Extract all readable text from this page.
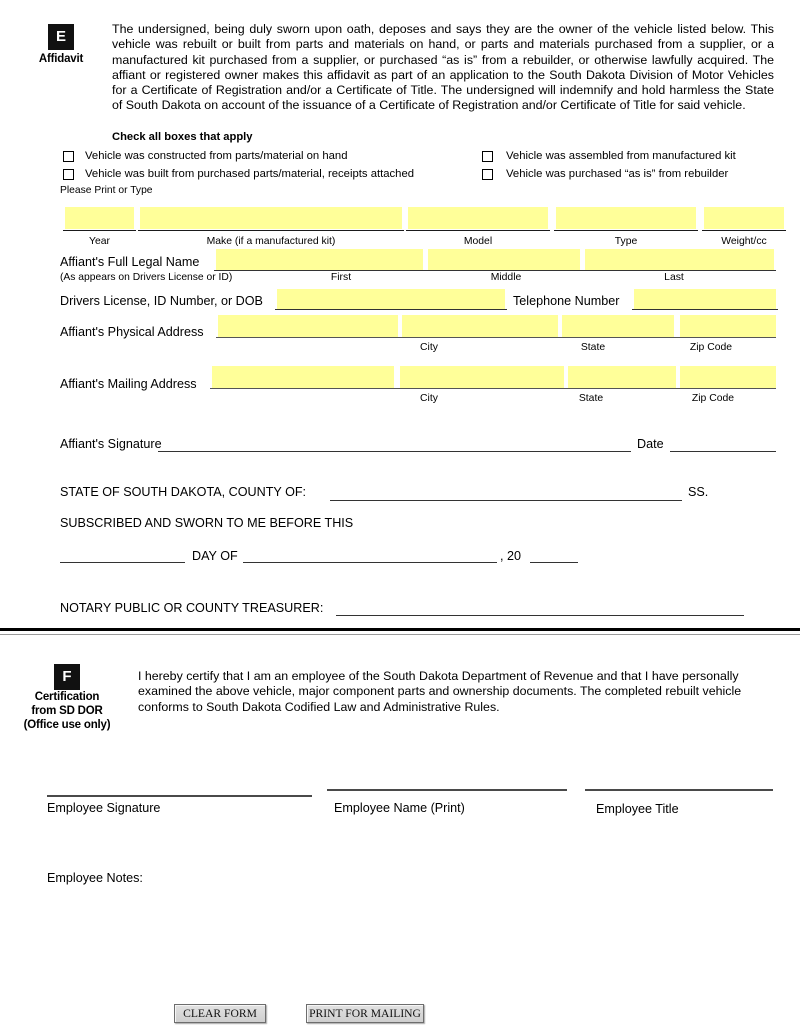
E
Affidavit
The undersigned, being duly sworn upon oath, deposes and says they are the owner of the vehicle listed below. This vehicle was rebuilt or built from parts and materials on hand, or parts and materials purchased from a supplier, or a manufactured kit purchased from a supplier, or purchased “as is” from a rebuilder, or otherwise lawfully acquired. The affiant or registered owner makes this affidavit as part of an application to the South Dakota Division of Motor Vehicles for a Certificate of Registration and/or a Certificate of Title. The undersigned will indemnify and hold harmless the State of South Dakota on account of the issuance of a Certificate of Registration and/or Certificate of Title for said vehicle.
Check all boxes that apply
Vehicle was constructed from parts/material on hand
Vehicle was built from purchased parts/material, receipts attached
Vehicle was assembled from manufactured kit
Vehicle was purchased “as is” from rebuilder
Please Print or Type
Year	Make (if a manufactured kit)	Model	Type	Weight/cc
Affiant's Full Legal Name
(As appears on Drivers License or ID)	First	Middle	Last
Drivers License, ID Number, or DOB	Telephone Number
Affiant's Physical Address
City	State	Zip Code
Affiant's Mailing Address
City	State	Zip Code
Affiant's Signature	Date
STATE OF SOUTH DAKOTA, COUNTY OF:	SS.
SUBSCRIBED AND SWORN TO ME BEFORE THIS
DAY OF	, 20
NOTARY PUBLIC OR COUNTY TREASURER:
F
Certification
from SD DOR
(Office use only)
I hereby certify that I am an employee of the South Dakota Department of Revenue and that I have personally examined the above vehicle, major component parts and ownership documents. The completed rebuilt vehicle conforms to South Dakota Codified Law and Administrative Rules.
Employee Signature	Employee Name (Print)	Employee Title
Employee Notes:
CLEAR FORM	PRINT FOR MAILING
